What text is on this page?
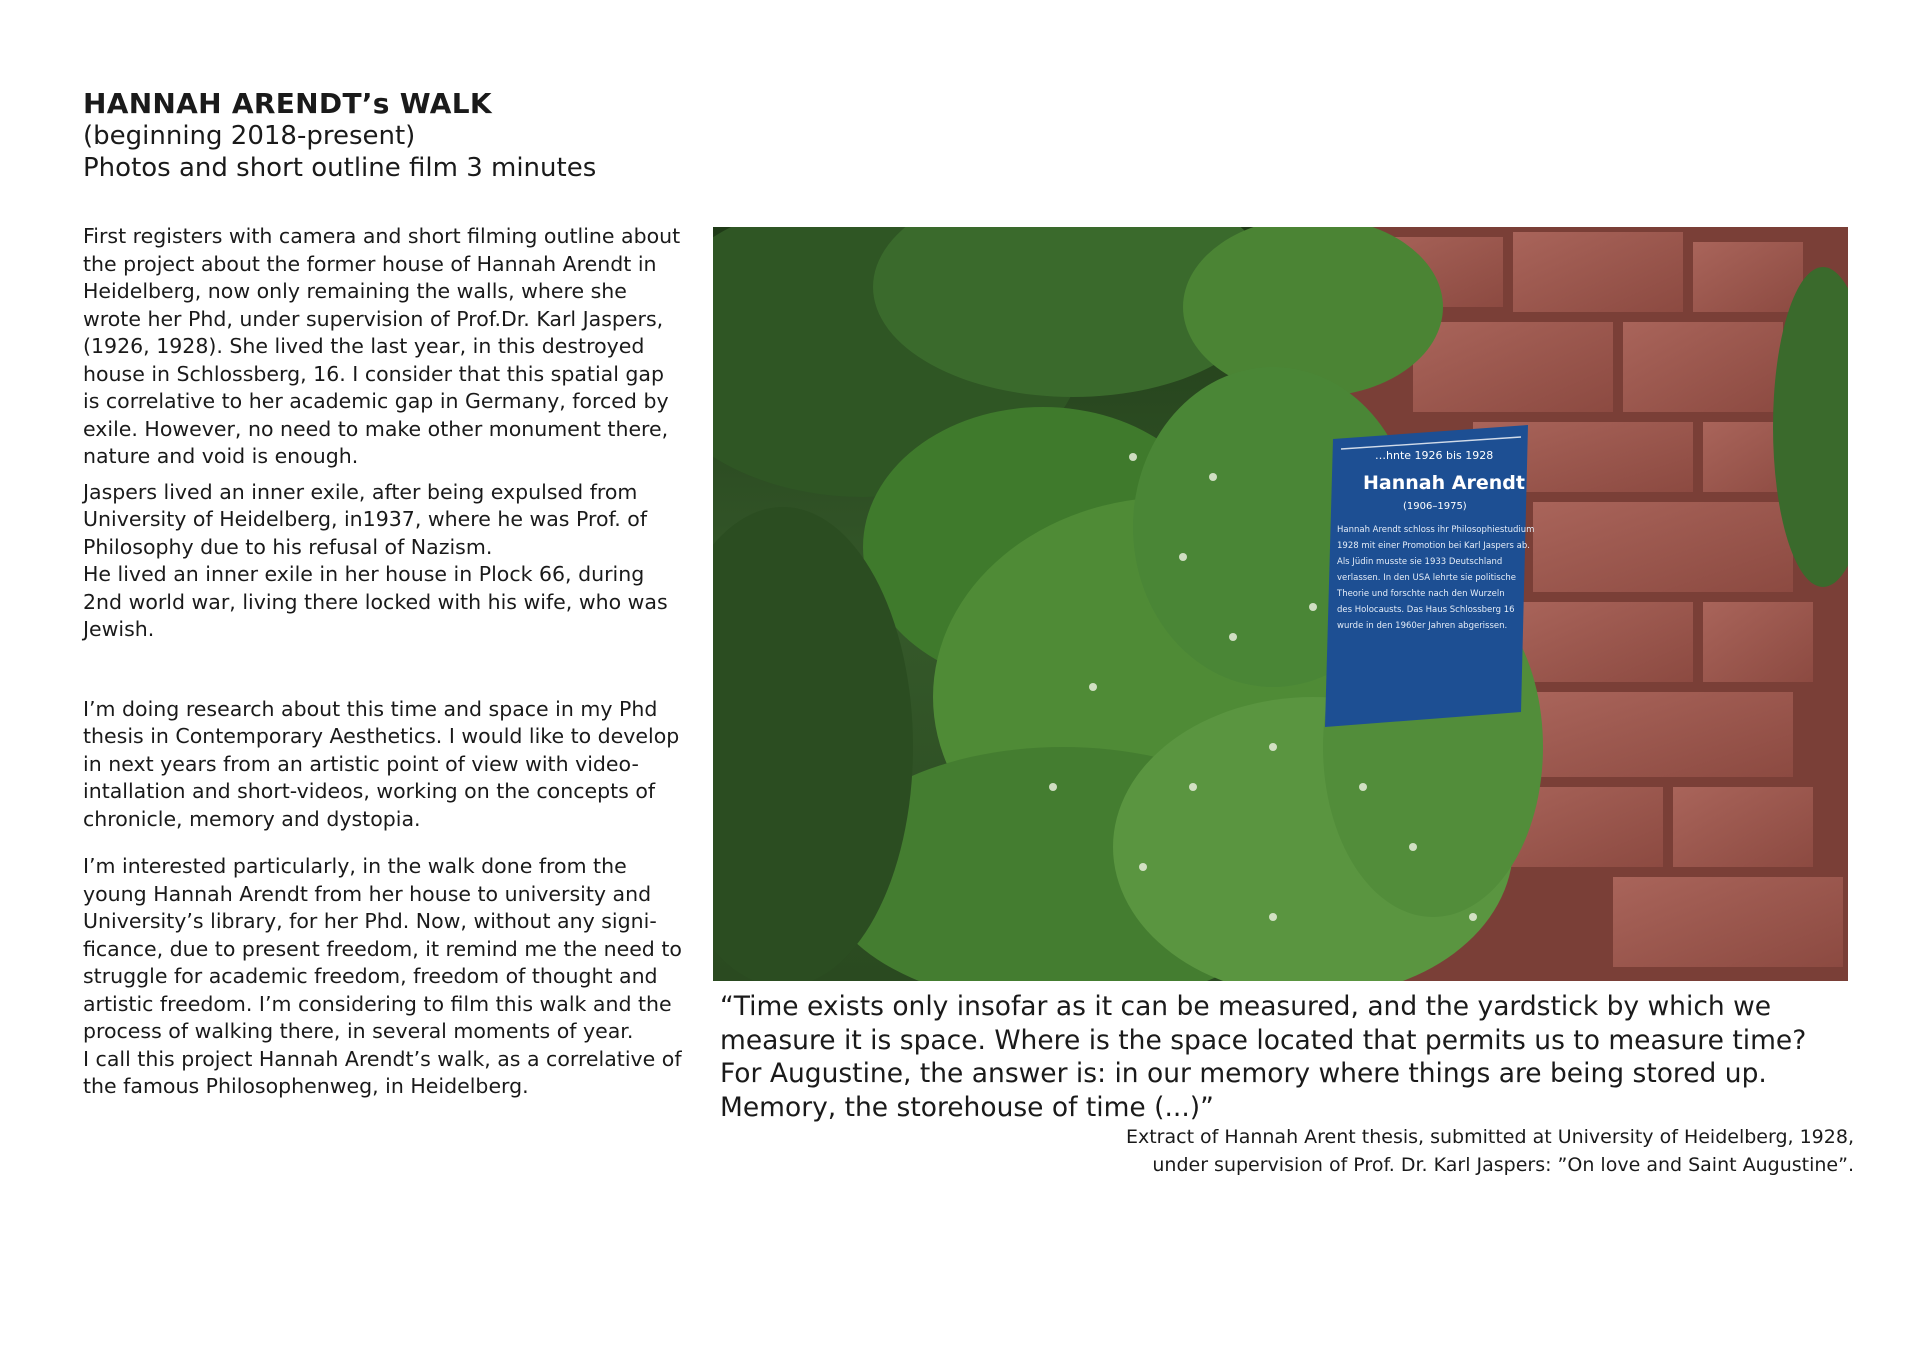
HANNAH ARENDT’s WALK
(beginning 2018-present)
Photos and short outline film 3 minutes

First registers with camera and short filming outline about the project about the former house of Hannah Arendt in Heidelberg, now only remaining the walls, where she wrote her Phd, under supervision of Prof.Dr. Karl Jaspers, (1926, 1928). She lived the last year, in this destroyed house in Schlossberg, 16. I consider that this spatial gap is correlative to her academic gap in Germany, forced by exile. However, no need to make other monument there, nature and void is enough.

Jaspers lived an inner exile, after being expulsed from University of Heidelberg, in1937, where he was Prof. of Philosophy due to his refusal of Nazism.

He lived an inner exile in her house in Plock 66, during 2nd world war, living there locked with his wife, who was Jewish.

I’m doing research about this time and space in my Phd thesis in Contemporary Aesthetics. I would like to develop in next years from an artistic point of view with video-intallation and short-videos, working on the concepts of chronicle, memory and dystopia.

I’m interested particularly, in the walk done from the young Hannah Arendt from her house to university and University’s library, for her Phd. Now, without any significance, due to present freedom, it remind me the need to struggle for academic freedom, freedom of thought and artistic freedom. I’m considering to film this walk and the process of walking there, in several moments of year.

I call this project Hannah Arendt’s walk, as a correlative of the famous Philosophenweg, in Heidelberg.

…hnte 1926 bis 1928
Hannah Arendt
(1906–1975)
Hannah Arendt schloss ihr Philosophiestudium
1928 mit einer Promotion bei Karl Jaspers ab.
Als Jüdin musste sie 1933 Deutschland
verlassen. In den USA lehrte sie politische
Theorie und forschte nach den Wurzeln
des Holocausts. Das Haus Schlossberg 16
wurde in den 1960er Jahren abgerissen.
“Time exists only insofar as it can be measured, and the yardstick by which we measure it is space. Where is the space located that permits us to measure time? For Augustine, the answer is: in our memory where things are being stored up. Memory, the storehouse of time (...)”
Extract of Hannah Arent thesis, submitted at University of Heidelberg, 1928,
under supervision of Prof. Dr. Karl Jaspers: ”On love and Saint Augustine”.
